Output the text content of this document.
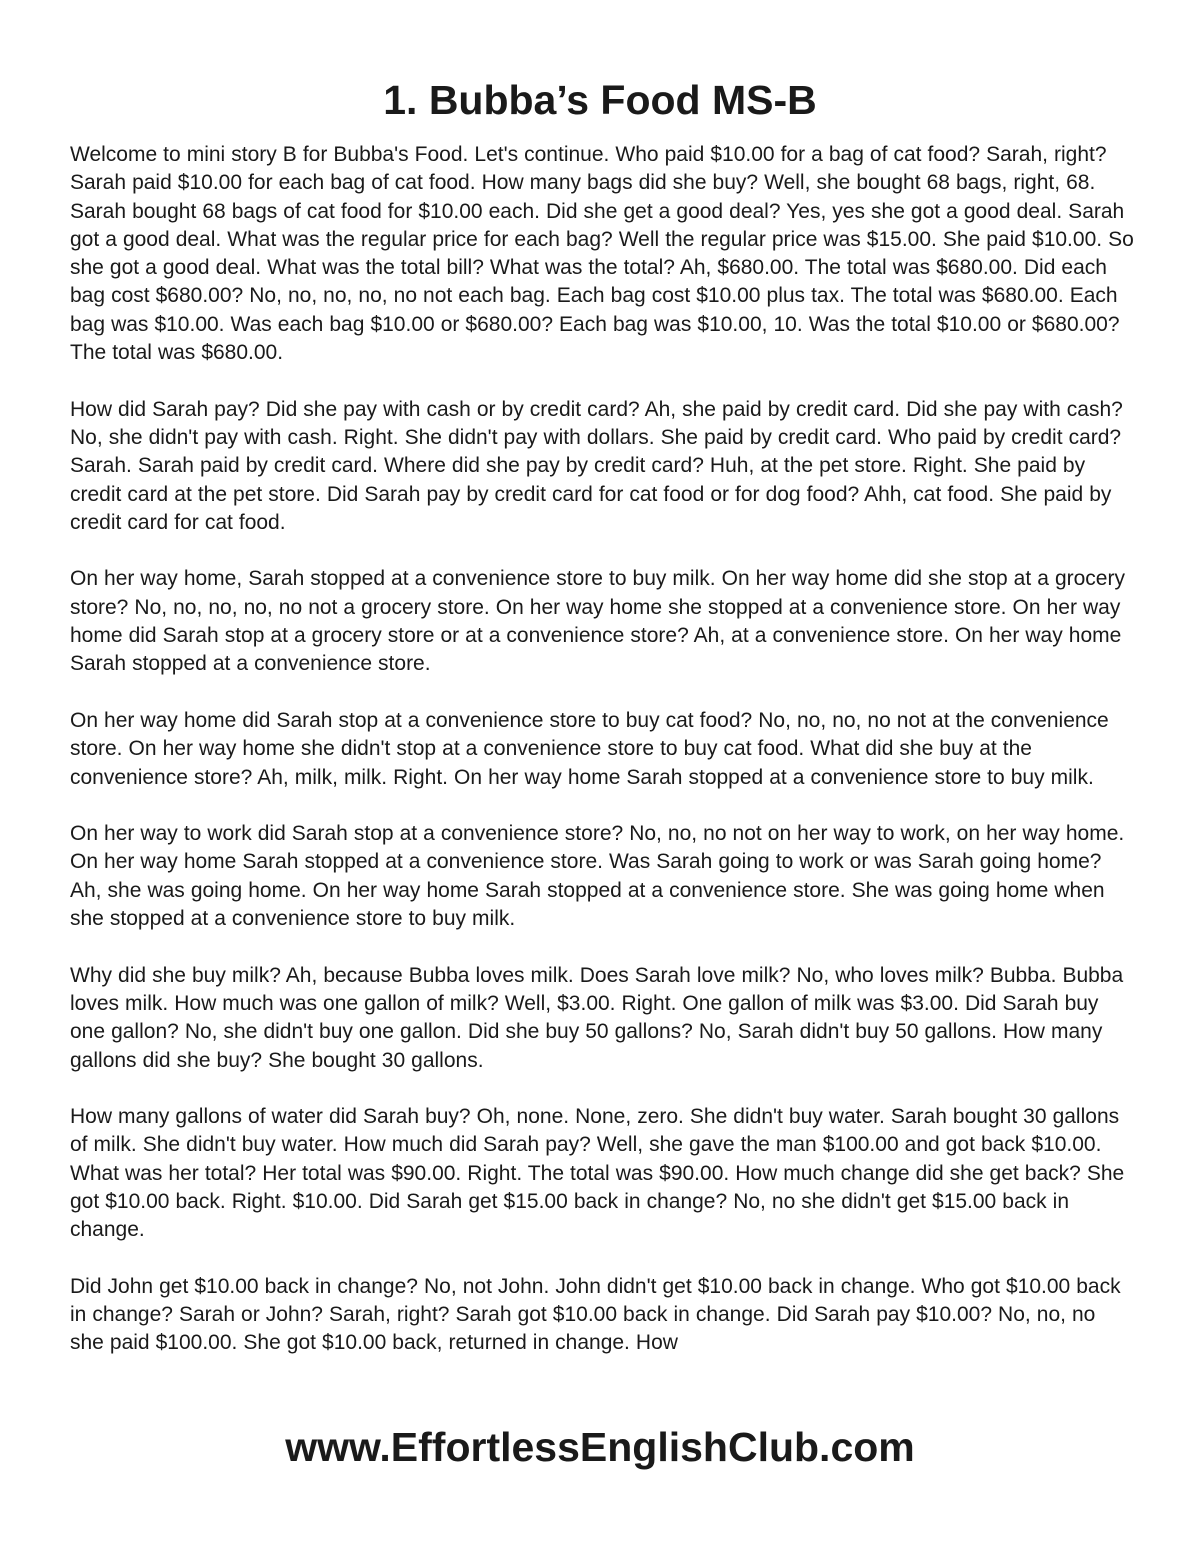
1. Bubba’s Food MS-B

Welcome to mini story B for Bubba's Food. Let's continue. Who paid $10.00 for a bag of cat food? Sarah, right? Sarah paid $10.00 for each bag of cat food. How many bags did she buy? Well, she bought 68 bags, right, 68. Sarah bought 68 bags of cat food for $10.00 each. Did she get a good deal? Yes, yes she got a good deal. Sarah got a good deal. What was the regular price for each bag? Well the regular price was $15.00. She paid $10.00. So she got a good deal. What was the total bill? What was the total? Ah, $680.00. The total was $680.00. Did each bag cost $680.00? No, no, no, no, no not each bag. Each bag cost $10.00 plus tax. The total was $680.00. Each bag was $10.00. Was each bag $10.00 or $680.00? Each bag was $10.00, 10. Was the total $10.00 or $680.00? The total was $680.00.

How did Sarah pay? Did she pay with cash or by credit card? Ah, she paid by credit card. Did she pay with cash? No, she didn't pay with cash. Right. She didn't pay with dollars. She paid by credit card. Who paid by credit card? Sarah. Sarah paid by credit card. Where did she pay by credit card? Huh, at the pet store. Right. She paid by credit card at the pet store. Did Sarah pay by credit card for cat food or for dog food? Ahh, cat food. She paid by credit card for cat food.

On her way home, Sarah stopped at a convenience store to buy milk. On her way home did she stop at a grocery store? No, no, no, no, no not a grocery store. On her way home she stopped at a convenience store. On her way home did Sarah stop at a grocery store or at a convenience store? Ah, at a convenience store. On her way home Sarah stopped at a convenience store.

On her way home did Sarah stop at a convenience store to buy cat food? No, no, no, no not at the convenience store. On her way home she didn't stop at a convenience store to buy cat food. What did she buy at the convenience store? Ah, milk, milk. Right. On her way home Sarah stopped at a convenience store to buy milk.

On her way to work did Sarah stop at a convenience store? No, no, no not on her way to work, on her way home. On her way home Sarah stopped at a convenience store. Was Sarah going to work or was Sarah going home? Ah, she was going home. On her way home Sarah stopped at a convenience store. She was going home when she stopped at a convenience store to buy milk.

Why did she buy milk? Ah, because Bubba loves milk. Does Sarah love milk? No, who loves milk? Bubba. Bubba loves milk. How much was one gallon of milk? Well, $3.00. Right. One gallon of milk was $3.00. Did Sarah buy one gallon? No, she didn't buy one gallon. Did she buy 50 gallons? No, Sarah didn't buy 50 gallons. How many gallons did she buy? She bought 30 gallons.

How many gallons of water did Sarah buy? Oh, none. None, zero. She didn't buy water. Sarah bought 30 gallons of milk. She didn't buy water. How much did Sarah pay? Well, she gave the man $100.00 and got back $10.00. What was her total? Her total was $90.00. Right. The total was $90.00. How much change did she get back? She got $10.00 back. Right. $10.00. Did Sarah get $15.00 back in change? No, no she didn't get $15.00 back in change.

Did John get $10.00 back in change? No, not John. John didn't get $10.00 back in change. Who got $10.00 back in change? Sarah or John? Sarah, right? Sarah got $10.00 back in change. Did Sarah pay $10.00? No, no, no she paid $100.00. She got $10.00 back, returned in change. How

www.EffortlessEnglishClub.com
